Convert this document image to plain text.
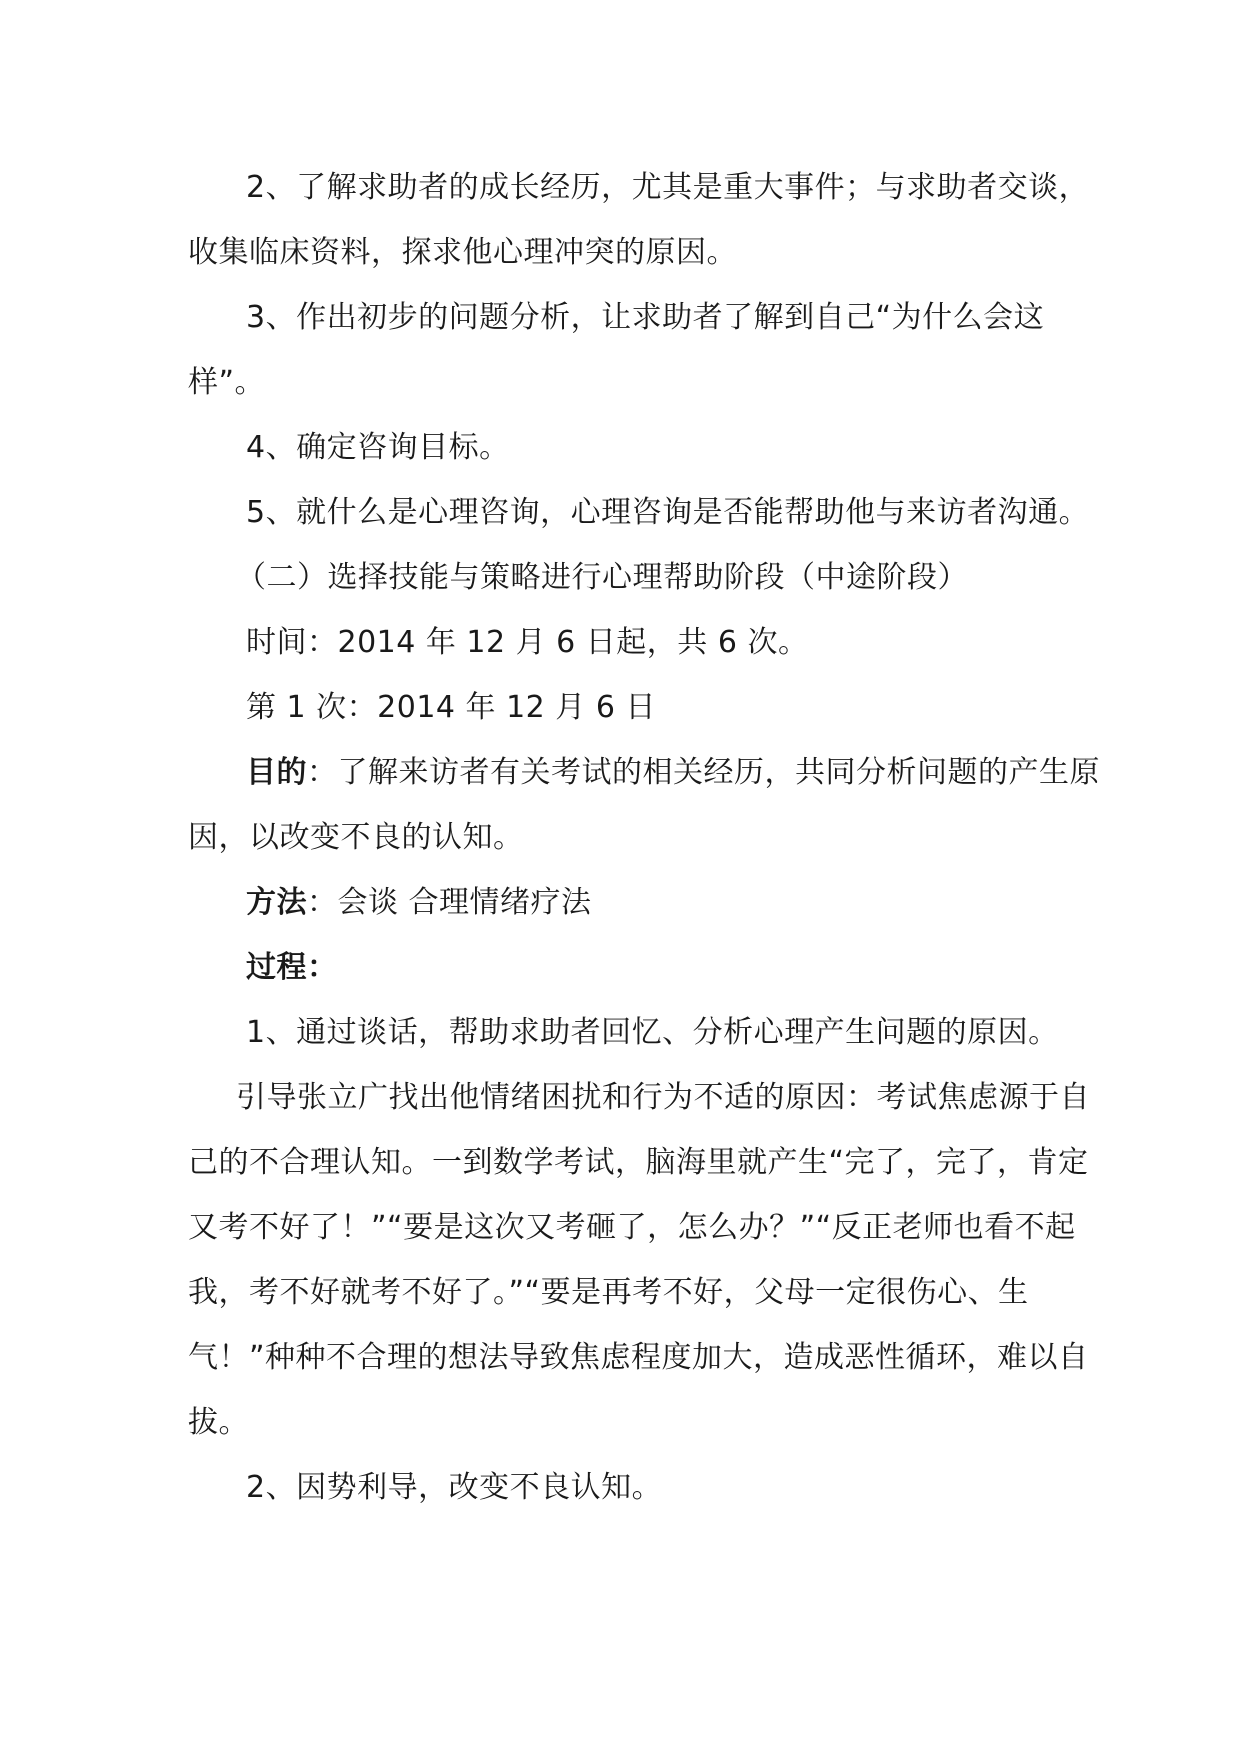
2、了解求助者的成长经历，尤其是重大事件；与求助者交谈，收集临床资料，探求他心理冲突的原因。

3、作出初步的问题分析，让求助者了解到自己“为什么会这样”。

4、确定咨询目标。

5、就什么是心理咨询，心理咨询是否能帮助他与来访者沟通。

（二）选择技能与策略进行心理帮助阶段（中途阶段）

时间：2014 年 12 月 6 日起，共 6 次。

第 1 次：2014 年 12 月 6 日

目的：了解来访者有关考试的相关经历，共同分析问题的产生原因，以改变不良的认知。

方法：会谈 合理情绪疗法

过程：

1、通过谈话，帮助求助者回忆、分析心理产生问题的原因。

引导张立广找出他情绪困扰和行为不适的原因：考试焦虑源于自己的不合理认知。一到数学考试，脑海里就产生“完了，完了，肯定又考不好了！”“要是这次又考砸了，怎么办？”“反正老师也看不起我，考不好就考不好了。”“要是再考不好，父母一定很伤心、生气！”种种不合理的想法导致焦虑程度加大，造成恶性循环，难以自拔。

2、因势利导，改变不良认知。
